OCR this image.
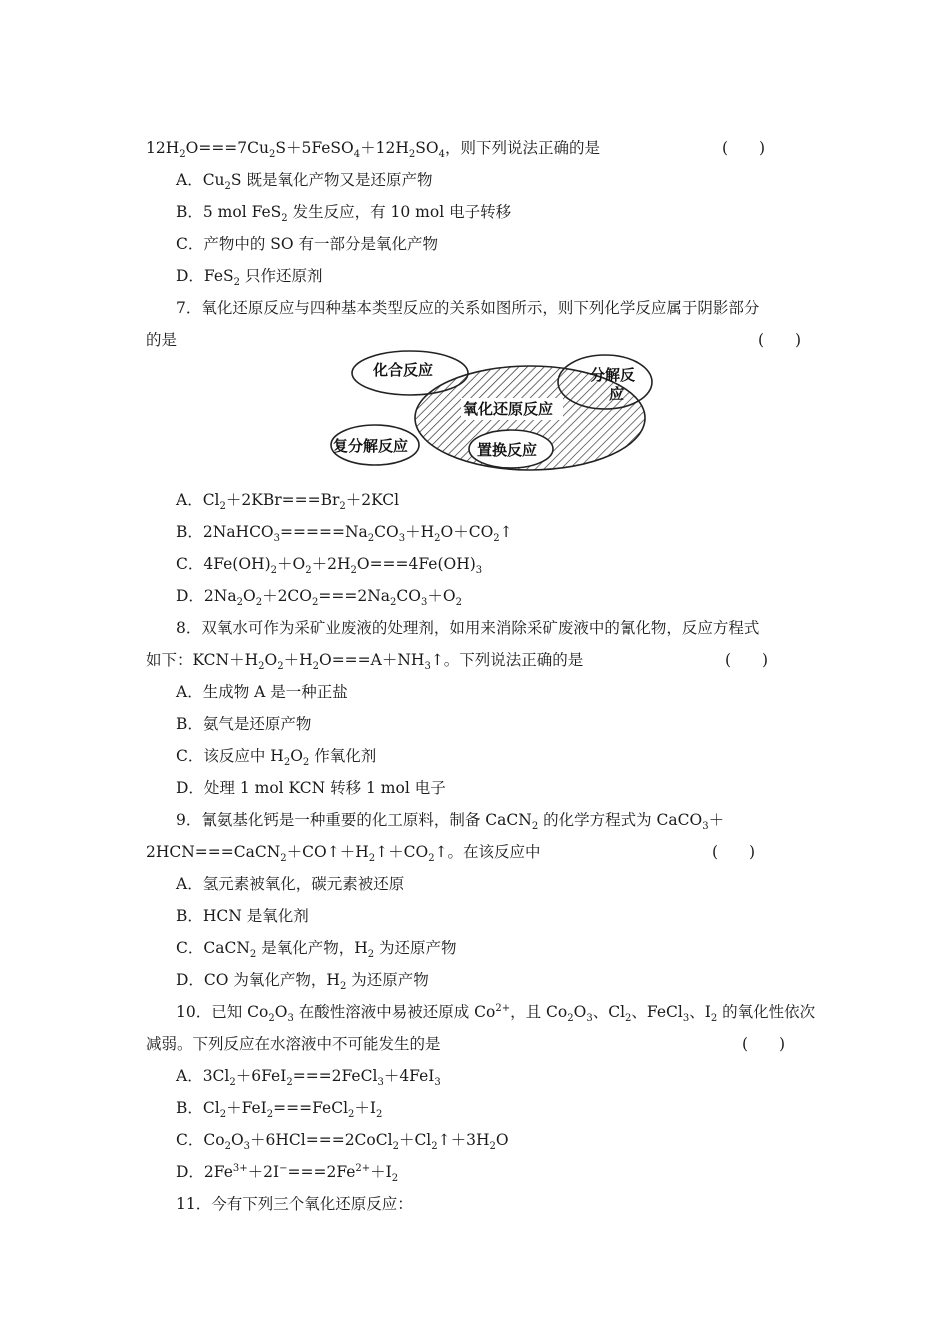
$12H_2O===7Cu_2S+5FeSO_4+12H_2SO_4$，则下列说法正确的是	(　　)
A．$Cu_2S$ 既是氧化产物又是还原产物
B．5 mol FeS$_2$ 发生反应，有 10 mol 电子转移
C．产物中的 SO 有一部分是氧化产物
D．FeS$_2$ 只作还原剂
7．氧化还原反应与四种基本类型反应的关系如图所示，则下列化学反应属于阴影部分
的是	(　　)
化合反应	分解反
应
氧化还原反应
复分解反应	置换反应
A．$Cl_2+2KBr===Br_2+2KCl$
B．$2NaHCO_3=====Na_2CO_3+H_2O+CO_2↑$
C．$4Fe(OH)_2+O_2+2H_2O===4Fe(OH)_3$
D．$2Na_2O_2+2CO_2===2Na_2CO_3+O_2$
8．双氧水可作为采矿业废液的处理剂，如用来消除采矿废液中的氰化物，反应方程式
如下：$KCN+H_2O_2+H_2O===A+NH_3↑$。下列说法正确的是	(　　)
A．生成物 A 是一种正盐
B．氨气是还原产物
C．该反应中 $H_2O_2$ 作氧化剂
D．处理 1 mol KCN 转移 1 mol 电子
9．氰氨基化钙是一种重要的化工原料，制备 CaCN$_2$ 的化学方程式为 CaCO$_3$＋
$2HCN===CaCN_2+CO↑+H_2↑+CO_2↑$。在该反应中	(　　)
A．氢元素被氧化，碳元素被还原
B．HCN 是氧化剂
C．CaCN$_2$ 是氧化产物，$H_2$ 为还原产物
D．CO 为氧化产物，$H_2$ 为还原产物
10．已知 $Co_2O_3$ 在酸性溶液中易被还原成 $Co^{2+}$，且 $Co_2O_3$、$Cl_2$、FeCl$_3$、$I_2$ 的氧化性依次
减弱。下列反应在水溶液中不可能发生的是	(　　)
A．$3Cl_2+6FeI_2===2FeCl_3+4FeI_3$
B．$Cl_2+FeI_2===FeCl_2+I_2$
C．$Co_2O_3+6HCl===2CoCl_2+Cl_2↑+3H_2O$
D．$2Fe^{3+}+2I^-===2Fe^{2+}+I_2$
11．今有下列三个氧化还原反应：
